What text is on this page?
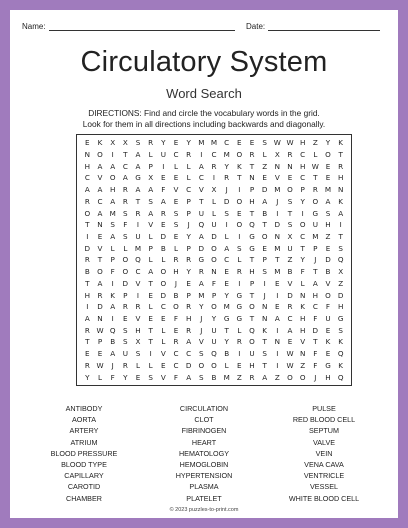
Name:	Date:
Circulatory System
Word Search
DIRECTIONS: Find and circle the vocabulary words in the grid.
Look for them in all directions including backwards and diagonally.
E	K	X	X	S	R	Y	E	Y	M M C	E	E	S W W H	Z	Y	K
N O	I	T	A	L	U	C	R	I	C M O	R	L	X	R	C	L	O	T
H	A	A	C	A	P	I	L	L	A	R	Y	K	T	Z	N	N	H W E	R
C	V	O	A	G	X	E	E	L	C	I	R	T	N	E	V	E	C	T	E	H
A	A	H	R	A	A	F	V	C	V	X	J	I	P	D M O	P	R M N
R	C	A	R	T	S	A	E	P	T	L	D O H	A	J	S	Y	O	A	K
O	A M	S	R	A	R	S	P	U	L	S	E	T	B	I	T	I	G	S	A
T	N	S	F	I	V	E	S	J	Q	U	I	O Q	T	D	S	O U	H	I
I	E	A	S	U	L	D	E	Y	A	D	L	I	G O N	X	C M Z	T
D	V	L	L	M	P	B	L	P	D O	A	S	G	E	M U	T	P	E	S
R	T	P	O Q	L	L	R	R	G O	C	L	T	P	T	Z	Y	J	D Q
B	O	F	O	C	A	O H	Y	R	N	E	R	H	S	M B	F	T	B	X
T	A	I	D	V	T	O	J	E	A	F	E	I	P	I	E	V	L	A	V	Z
H	R	K	P	I	E	D	B	P	M	P	Y	G	T	J	I	D	N	H O D
I	D	A	R	R	L	C	O	R	Y	O M G O N	E	R	K	C	F	H
A	N	I	E	V	E	E	F	H	J	Y	G G	T	N	A	C	H	F	U	G
R W Q	S	H	T	L	E	R	J	U	T	L	Q	K	I	A	H D	E	S
T	P	B	S	X	T	L	R	A	V	U	Y	R	O	T	N	E	V	T	K	K
E	E	A	U	S	I	V	C	C	S	Q	B	I	U	S	I	W N	F	E	Q
R W	J	R	L	L	E	C	D O O	L	E	H	T	I	W Z	F	G	K
Y	L	F	Y	E	S	V	F	A	S	B M Z	R	A	Z	O O	J	H Q
ANTIBODY
AORTA
ARTERY
ATRIUM
BLOOD PRESSURE
BLOOD TYPE
CAPILLARY
CAROTID
CHAMBER
CIRCULATION
CLOT
FIBRINOGEN
HEART
HEMATOLOGY
HEMOGLOBIN
HYPERTENSION
PLASMA
PLATELET
PULSE
RED BLOOD CELL
SEPTUM
VALVE
VEIN
VENA CAVA
VENTRICLE
VESSEL
WHITE BLOOD CELL
© 2023 puzzles-to-print.com
